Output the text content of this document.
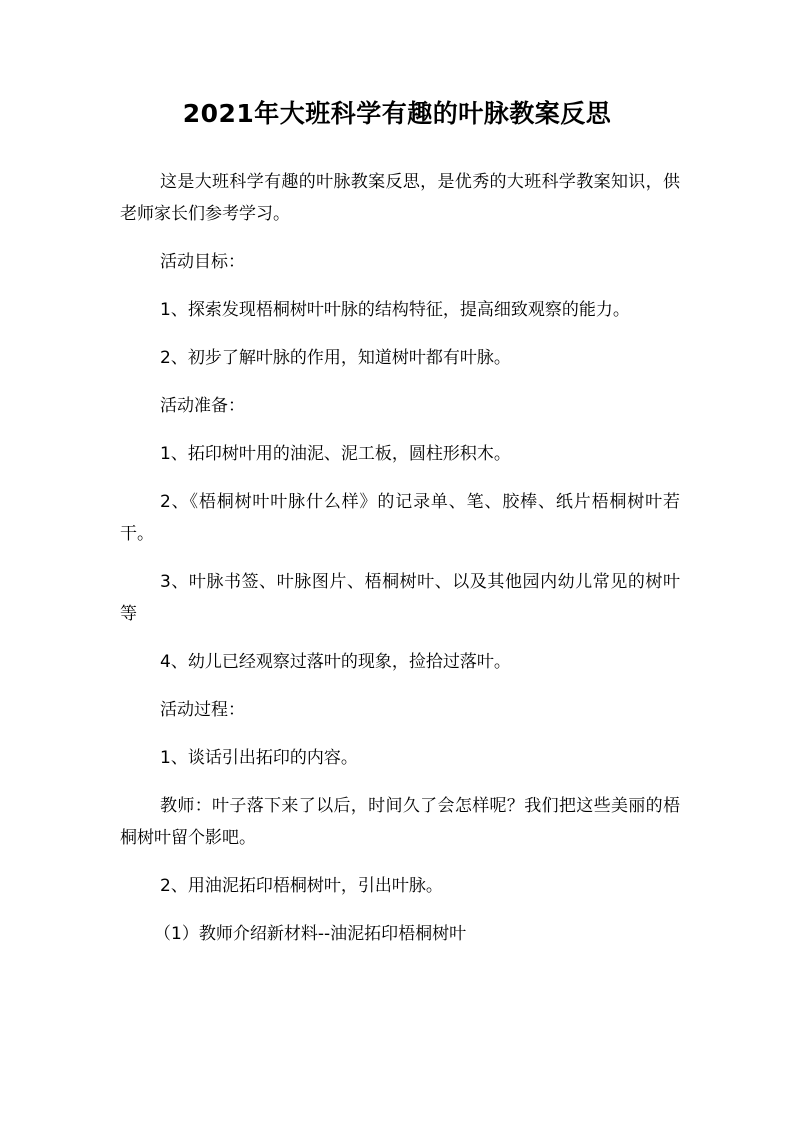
2021年大班科学有趣的叶脉教案反思

这是大班科学有趣的叶脉教案反思，是优秀的大班科学教案知识，供老师家长们参考学习。

活动目标：

1、探索发现梧桐树叶叶脉的结构特征，提高细致观察的能力。

2、初步了解叶脉的作用，知道树叶都有叶脉。

活动准备：

1、拓印树叶用的油泥、泥工板，圆柱形积木。

2、《梧桐树叶叶脉什么样》的记录单、笔、胶棒、纸片梧桐树叶若干。

3、叶脉书签、叶脉图片、梧桐树叶、以及其他园内幼儿常见的树叶等

4、幼儿已经观察过落叶的现象，捡拾过落叶。

活动过程：

1、谈话引出拓印的内容。

教师：叶子落下来了以后，时间久了会怎样呢？我们把这些美丽的梧桐树叶留个影吧。

2、用油泥拓印梧桐树叶，引出叶脉。

（1）教师介绍新材料--油泥拓印梧桐树叶
